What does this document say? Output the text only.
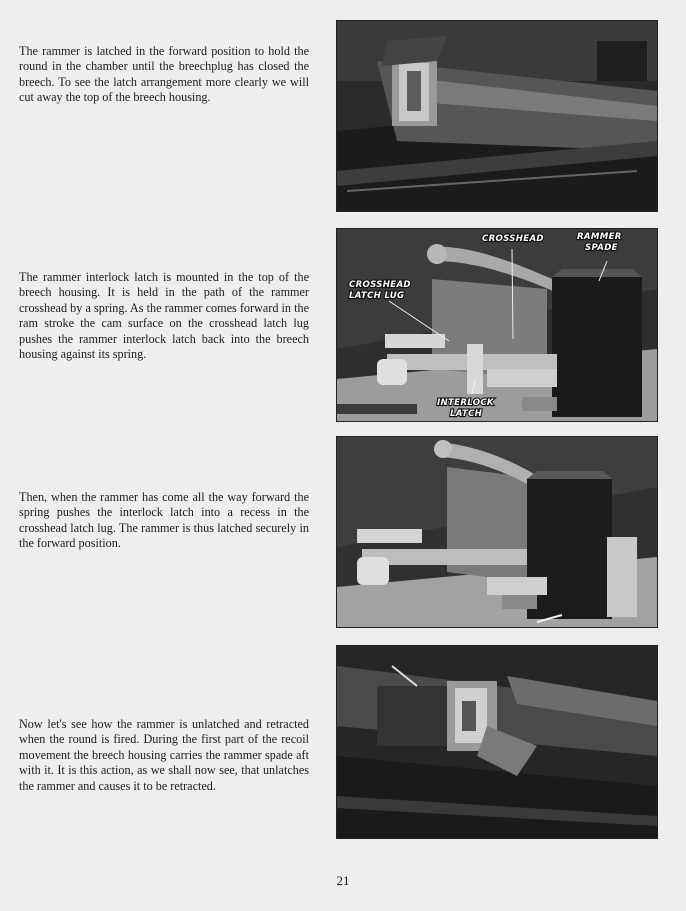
The rammer is latched in the forward position to hold the round in the chamber until the breechplug has closed the breech. To see the latch arrangement more clearly we will cut away the top of the breech housing.

The rammer interlock latch is mounted in the top of the breech housing. It is held in the path of the rammer crosshead by a spring. As the rammer comes forward in the ram stroke the cam surface on the crosshead latch lug pushes the rammer interlock latch back into the breech housing against its spring.

Then, when the rammer has come all the way forward the spring pushes the interlock latch into a recess in the crosshead latch lug. The rammer is thus latched securely in the forward position.

Now let's see how the rammer is unlatched and retracted when the round is fired. During the first part of the recoil movement the breech housing carries the rammer spade aft with it. It is this action, as we shall now see, that unlatches the rammer and causes it to be retracted.

CROSSHEAD	RAMMER
SPADE
CROSSHEAD
LATCH LUG
INTERLOCK
LATCH
21
